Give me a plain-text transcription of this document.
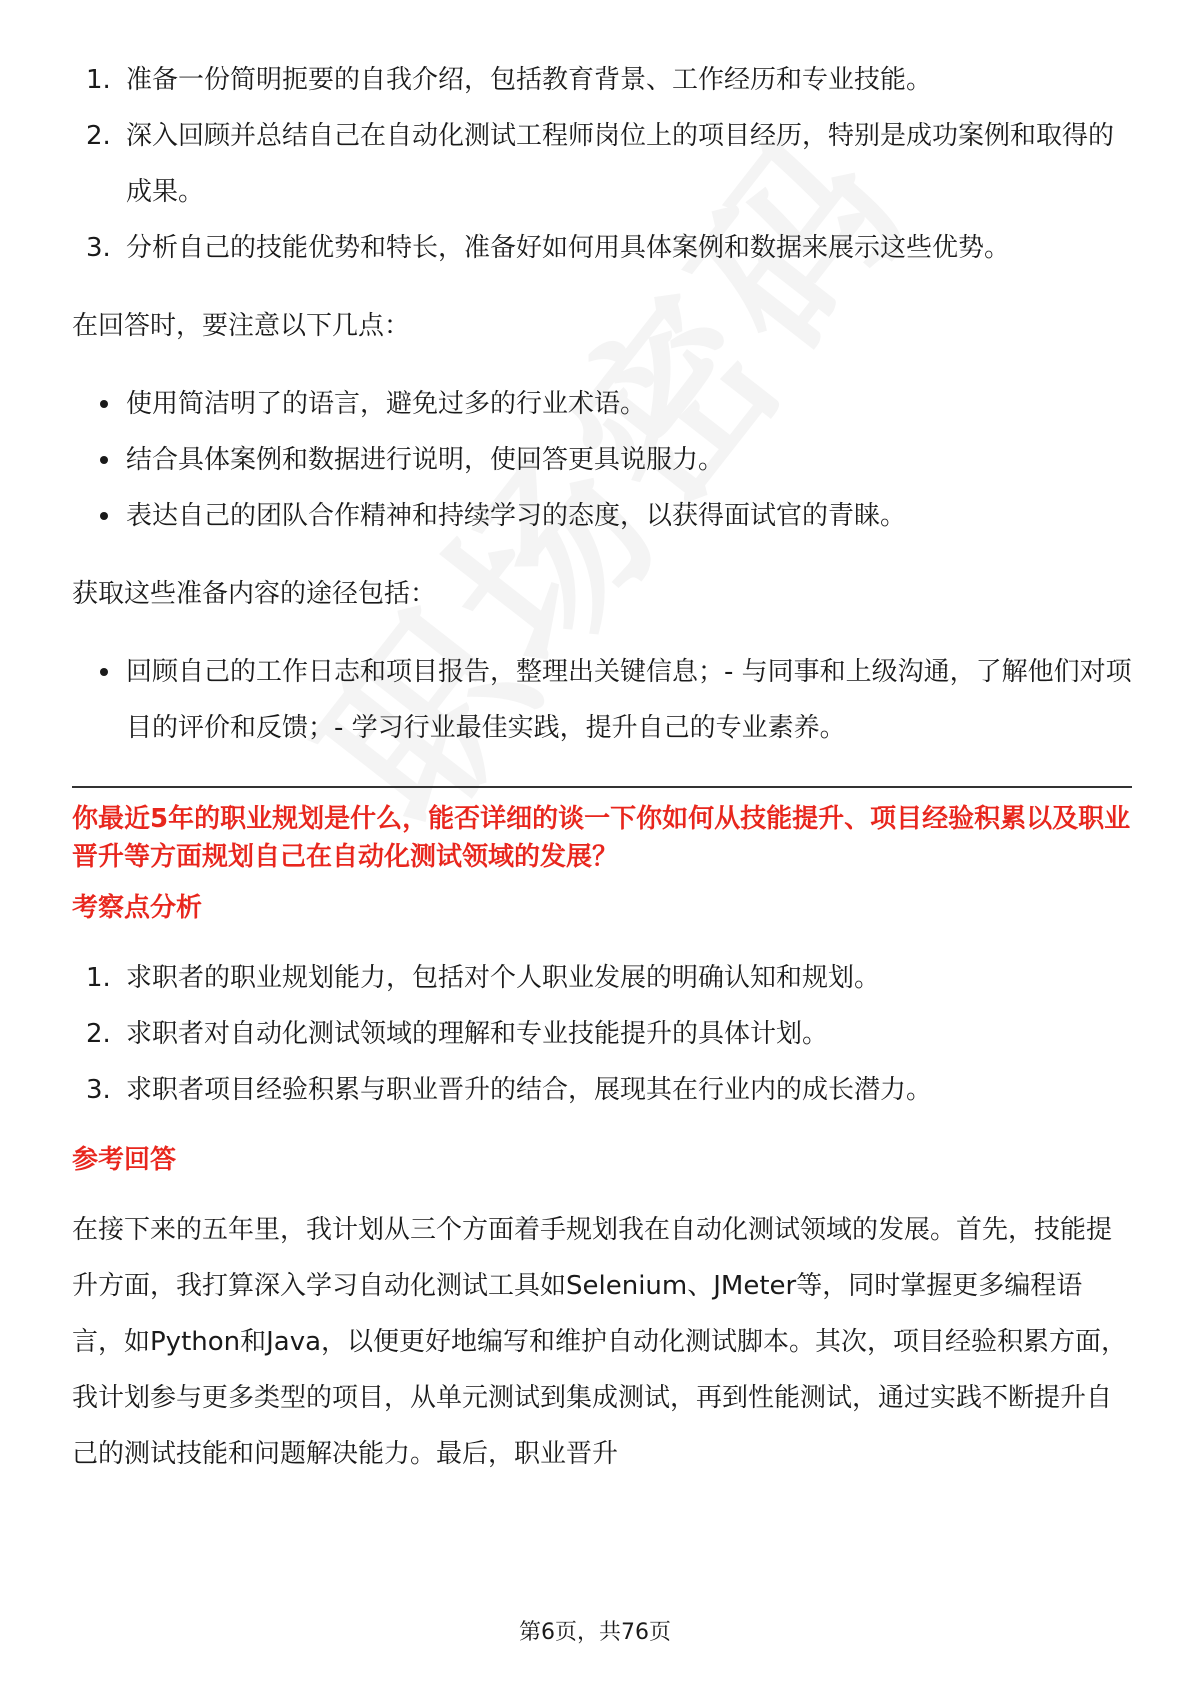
1. 准备一份简明扼要的自我介绍，包括教育背景、工作经历和专业技能。
2. 深入回顾并总结自己在自动化测试工程师岗位上的项目经历，特别是成功案例和取得的成果。
3. 分析自己的技能优势和特长，准备好如何用具体案例和数据来展示这些优势。

在回答时，要注意以下几点：

使用简洁明了的语言，避免过多的行业术语。
结合具体案例和数据进行说明，使回答更具说服力。
表达自己的团队合作精神和持续学习的态度，以获得面试官的青睐。

获取这些准备内容的途径包括：

回顾自己的工作日志和项目报告，整理出关键信息；- 与同事和上级沟通，了解他们对项目的评价和反馈；- 学习行业最佳实践，提升自己的专业素养。

你最近5年的职业规划是什么，能否详细的谈一下你如何从技能提升、项目经验积累以及职业晋升等方面规划自己在自动化测试领域的发展？

考察点分析

1. 求职者的职业规划能力，包括对个人职业发展的明确认知和规划。
2. 求职者对自动化测试领域的理解和专业技能提升的具体计划。
3. 求职者项目经验积累与职业晋升的结合，展现其在行业内的成长潜力。

参考回答

在接下来的五年里，我计划从三个方面着手规划我在自动化测试领域的发展。首先，技能提升方面，我打算深入学习自动化测试工具如Selenium、JMeter等，同时掌握更多编程语言，如Python和Java，以便更好地编写和维护自动化测试脚本。其次，项目经验积累方面，我计划参与更多类型的项目，从单元测试到集成测试，再到性能测试，通过实践不断提升自己的测试技能和问题解决能力。最后，职业晋升

第6页，共76页
